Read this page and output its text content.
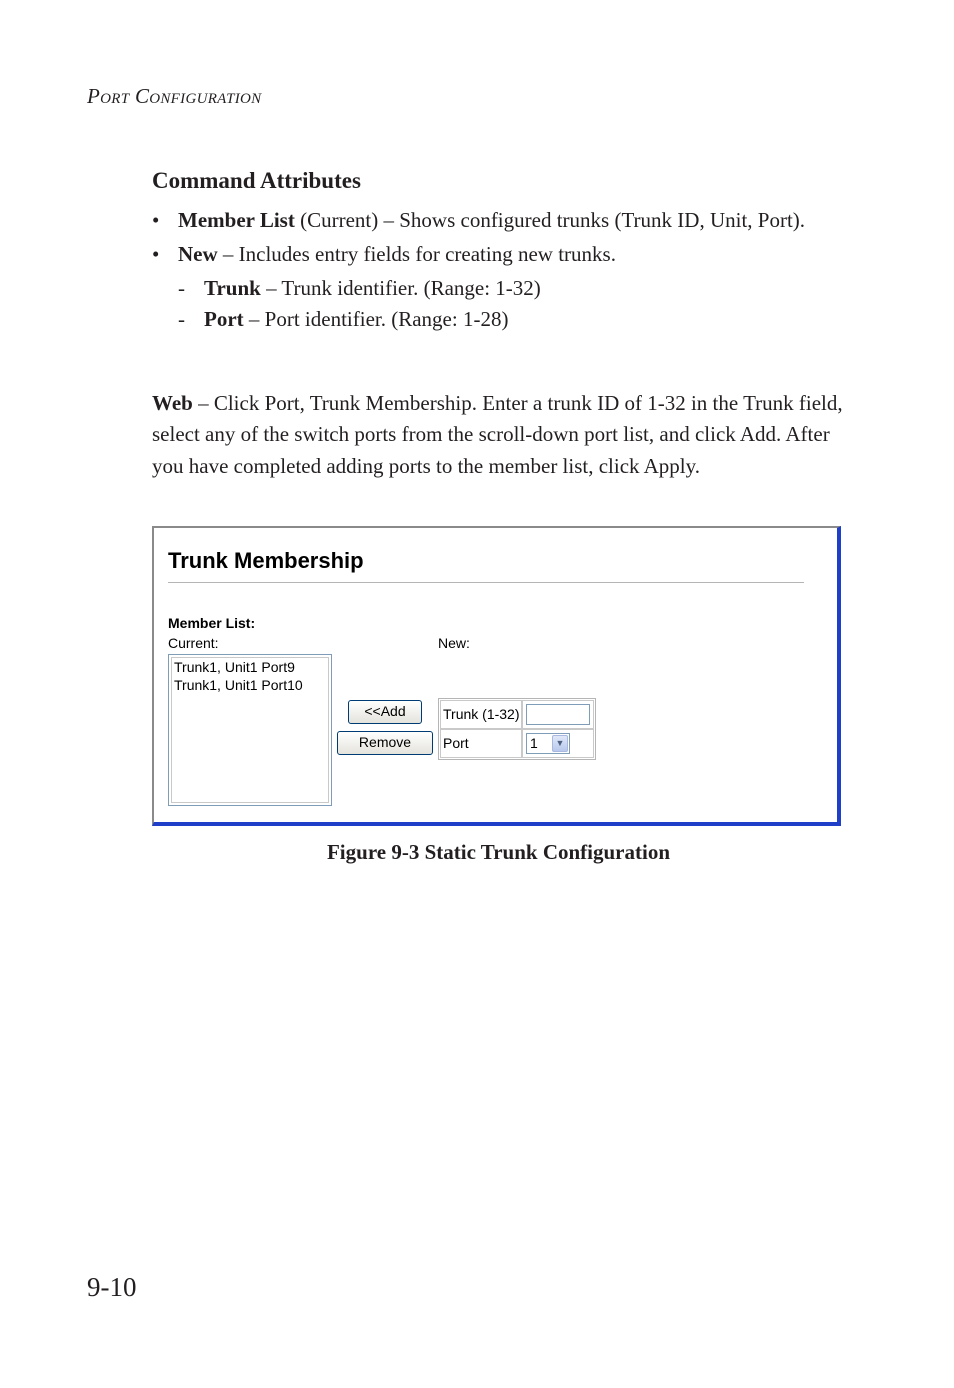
PORT CONFIGURATION
Command Attributes
• Member List (Current) – Shows configured trunks (Trunk ID, Unit, Port).
• New – Includes entry fields for creating new trunks.
- Trunk – Trunk identifier. (Range: 1-32)
- Port – Port identifier. (Range: 1-28)
Web – Click Port, Trunk Membership. Enter a trunk ID of 1-32 in the Trunk field, select any of the switch ports from the scroll-down port list, and click Add. After you have completed adding ports to the member list, click Apply.
Trunk Membership
Member List:
Current:	New:
Trunk1, Unit1 Port9
Trunk1, Unit1 Port10
<<Add
Remove
Trunk (1-32)
Port	1	▼
Figure 9-3 Static Trunk Configuration
9-10
